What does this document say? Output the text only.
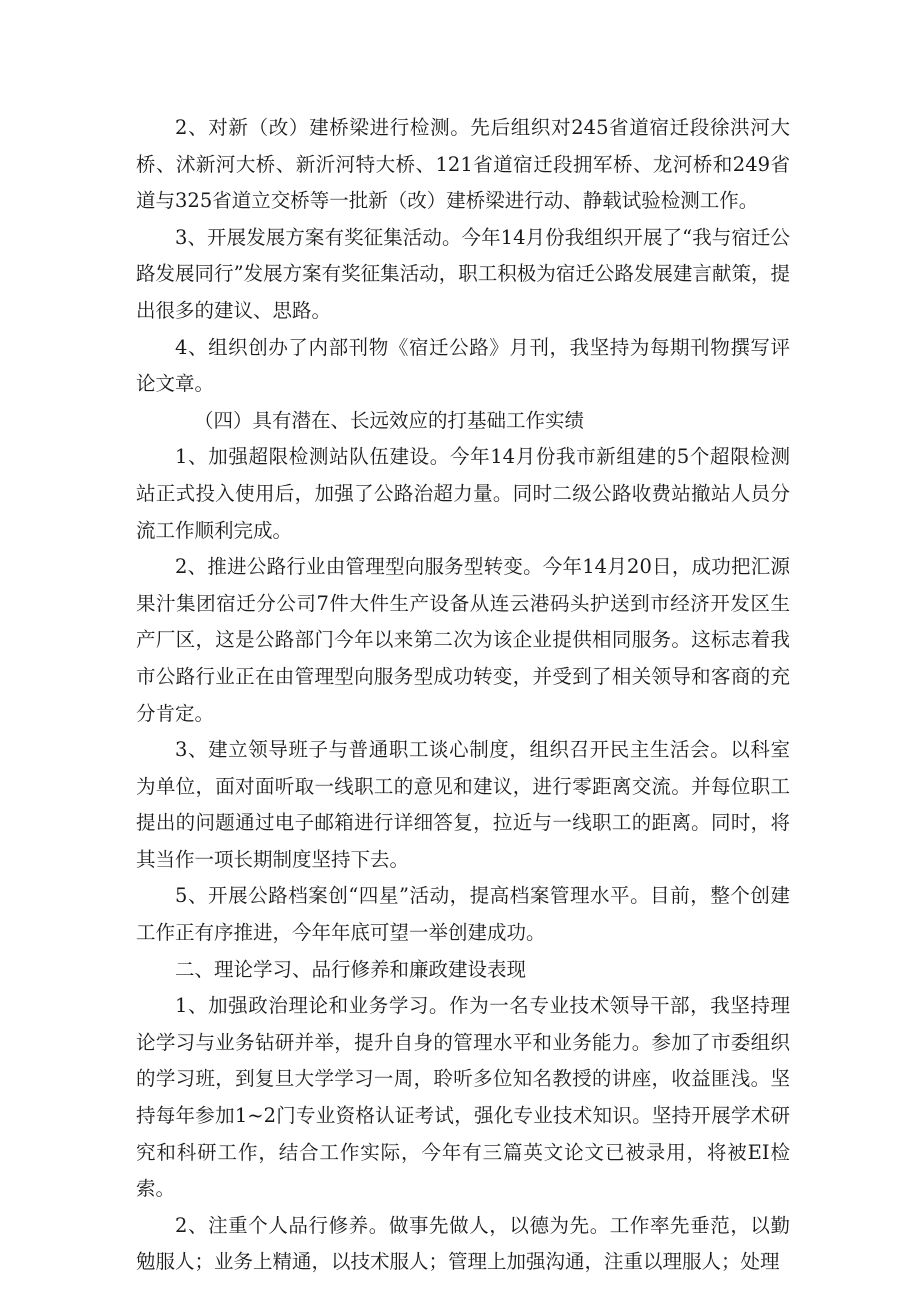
2、对新（改）建桥梁进行检测。先后组织对245省道宿迁段徐洪河大桥、沭新河大桥、新沂河特大桥、121省道宿迁段拥军桥、龙河桥和249省道与325省道立交桥等一批新（改）建桥梁进行动、静载试验检测工作。

3、开展发展方案有奖征集活动。今年14月份我组织开展了“我与宿迁公路发展同行”发展方案有奖征集活动，职工积极为宿迁公路发展建言献策，提出很多的建议、思路。

4、组织创办了内部刊物《宿迁公路》月刊，我坚持为每期刊物撰写评论文章。

（四）具有潜在、长远效应的打基础工作实绩

1、加强超限检测站队伍建设。今年14月份我市新组建的5个超限检测站正式投入使用后，加强了公路治超力量。同时二级公路收费站撤站人员分流工作顺利完成。

2、推进公路行业由管理型向服务型转变。今年14月20日，成功把汇源果汁集团宿迁分公司7件大件生产设备从连云港码头护送到市经济开发区生产厂区，这是公路部门今年以来第二次为该企业提供相同服务。这标志着我市公路行业正在由管理型向服务型成功转变，并受到了相关领导和客商的充分肯定。

3、建立领导班子与普通职工谈心制度，组织召开民主生活会。以科室为单位，面对面听取一线职工的意见和建议，进行零距离交流。并每位职工提出的问题通过电子邮箱进行详细答复，拉近与一线职工的距离。同时，将其当作一项长期制度坚持下去。

5、开展公路档案创“四星”活动，提高档案管理水平。目前，整个创建工作正有序推进，今年年底可望一举创建成功。

二、理论学习、品行修养和廉政建设表现

1、加强政治理论和业务学习。作为一名专业技术领导干部，我坚持理论学习与业务钻研并举，提升自身的管理水平和业务能力。参加了市委组织的学习班，到复旦大学学习一周，聆听多位知名教授的讲座，收益匪浅。坚持每年参加1~2门专业资格认证考试，强化专业技术知识。坚持开展学术研究和科研工作，结合工作实际，今年有三篇英文论文已被录用，将被EI检索。

2、注重个人品行修养。做事先做人，以德为先。工作率先垂范，以勤勉服人；业务上精通，以技术服人；管理上加强沟通，注重以理服人；处理
